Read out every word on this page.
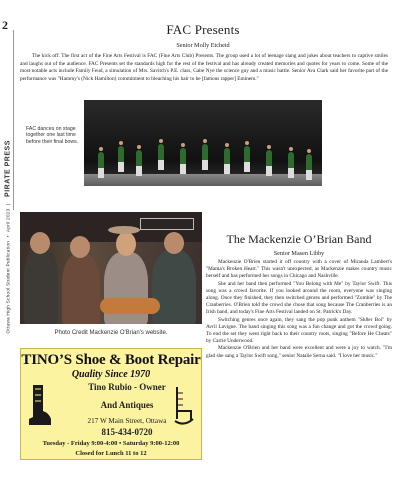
2
Ottawa High School Student Publication • April 2023 | PIRATE PRESS
FAC Presents
Senior Molly Etcheid
The kick off. The first act of the Fine Arts Festival is FAC (Fine Arts Club) Presents. The group used a lot of teenage slang and jokes about teachers to captive smiles and laughs out of the audience. FAC Presents set the standards high for the rest of the festival and has already created memories and quotes for years to come. Some of the most notable acts include Family Feud, a simulation of Mrs. Savitch's P.E. class, Gabe Nye the science guy and a music battle. Senior Ava Clark said her favorite part of the performance was "Hammy's (Nick Hamilton) commitment to bleaching his hair to be [famous rapper] Eminem."
FAC dances on stage together one last time before their final bows.
Photo Credit Mackenzie O'Brian's website.
The Mackenzie O’Brian Band
Senior Masen Libby

Mackenzie O'Brien started it off country with a cover of Miranda Lambert's "Mama's Broken Heart." This wasn't unexpected, as Mackenzie makes country music herself and has performed her songs in Chicago and Nashville.

She and her band then performed "You Belong with Me" by Taylor Swift. This song was a crowd favorite. If you looked around the room, everyone was singing along. Once they finished, they then switched genres and performed "Zombie" by The Cranberries. O'Brien told the crowd she chose that song because The Cranberries is an Irish band, and today's Fine Arts Festival landed on St. Patrick's Day.

Switching genres once again, they sang the pop punk anthem "Sk8er Boi" by Avril Lavigne. The band singing this song was a fun change and got the crowd going. To end the set they went right back to their country roots, singing "Before He Cheats" by Carrie Underwood.

Mackenzie O'Brien and her band were excellent and were a joy to watch. "I'm glad she sang a Taylor Swift song," senior Natalie Serna said. "I love her music."

TINO’S Shoe & Boot Repair
Quality Since 1970
Tino Rubio - Owner
And Antiques
217 W Main Street, Ottawa
815-434-0720
Tuesday - Friday 9:00-4:00 • Saturday 9:00-12:00
Closed for Lunch 11 to 12
